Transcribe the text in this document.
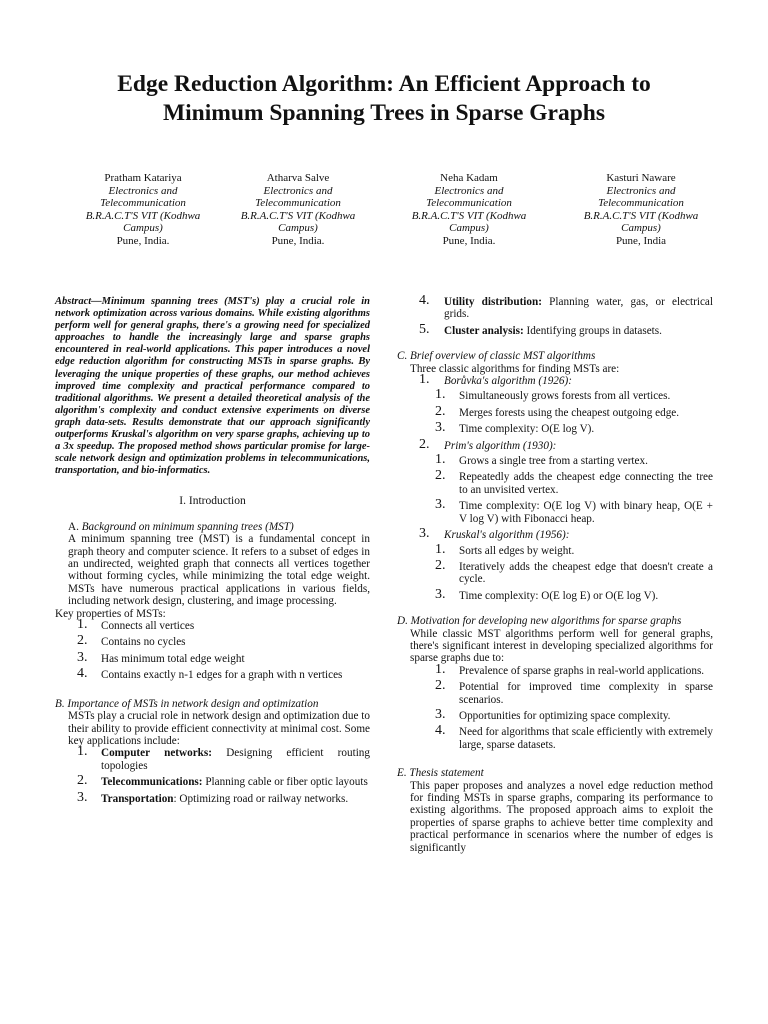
Edge Reduction Algorithm: An Efficient Approach to
Minimum Spanning Trees in Sparse Graphs
Pratham Katariya
Electronics and
Telecommunication
B.R.A.C.T'S VIT (Kodhwa
Campus)
Pune, India.
Atharva Salve
Electronics and
Telecommunication
B.R.A.C.T'S VIT (Kodhwa
Campus)
Pune, India.
Neha Kadam
Electronics and
Telecommunication
B.R.A.C.T'S VIT (Kodhwa
Campus)
Pune, India.
Kasturi Naware
Electronics and
Telecommunication
B.R.A.C.T'S VIT (Kodhwa
Campus)
Pune, India

Abstract—Minimum spanning trees (MST's) play a crucial role in network optimization across various domains. While existing algorithms perform well for general graphs, there's a growing need for specialized approaches to handle the increasingly large and sparse graphs encountered in real-world applications. This paper introduces a novel edge reduction algorithm for constructing MSTs in sparse graphs. By leveraging the unique properties of these graphs, our method achieves improved time complexity and practical performance compared to traditional algorithms. We present a detailed theoretical analysis of the algorithm's complexity and conduct extensive experiments on diverse graph data-sets. Results demonstrate that our approach significantly outperforms Kruskal's algorithm on very sparse graphs, achieving up to a 3x speedup. The proposed method shows particular promise for large-scale network design and optimization problems in telecommunications, transportation, and bio-informatics.

I. Introduction

A. Background on minimum spanning trees (MST)

A minimum spanning tree (MST) is a fundamental concept in graph theory and computer science. It refers to a subset of edges in an undirected, weighted graph that connects all vertices together without forming cycles, while minimizing the total edge weight. MSTs have numerous practical applications in various fields, including network design, clustering, and image processing.

Key properties of MSTs:

1. Connects all vertices
2. Contains no cycles
3. Has minimum total edge weight
4. Contains exactly n-1 edges for a graph with n vertices

B. Importance of MSTs in network design and optimization

MSTs play a crucial role in network design and optimization due to their ability to provide efficient connectivity at minimal cost. Some key applications include:

1. Computer networks: Designing efficient routing topologies
2. Telecommunications: Planning cable or fiber optic layouts
3. Transportation: Optimizing road or railway networks.
4. Utility distribution: Planning water, gas, or electrical grids.
5. Cluster analysis: Identifying groups in datasets.

C. Brief overview of classic MST algorithms

Three classic algorithms for finding MSTs are:

1. Borůvka's algorithm (1926):

1. Simultaneously grows forests from all vertices.
2. Merges forests using the cheapest outgoing edge.
3. Time complexity: O(E log V).

2. Prim's algorithm (1930):

1. Grows a single tree from a starting vertex.
2. Repeatedly adds the cheapest edge connecting the tree to an unvisited vertex.
3. Time complexity: O(E log V) with binary heap, O(E + V log V) with Fibonacci heap.

3. Kruskal's algorithm (1956):

1. Sorts all edges by weight.
2. Iteratively adds the cheapest edge that doesn't create a cycle.
3. Time complexity: O(E log E) or O(E log V).

D. Motivation for developing new algorithms for sparse graphs

While classic MST algorithms perform well for general graphs, there's significant interest in developing specialized algorithms for sparse graphs due to:

1. Prevalence of sparse graphs in real-world applications.
2. Potential for improved time complexity in sparse scenarios.
3. Opportunities for optimizing space complexity.
4. Need for algorithms that scale efficiently with extremely large, sparse datasets.

E. Thesis statement

This paper proposes and analyzes a novel edge reduction method for finding MSTs in sparse graphs, comparing its performance to existing algorithms. The proposed approach aims to exploit the properties of sparse graphs to achieve better time complexity and practical performance in scenarios where the number of edges is significantly
